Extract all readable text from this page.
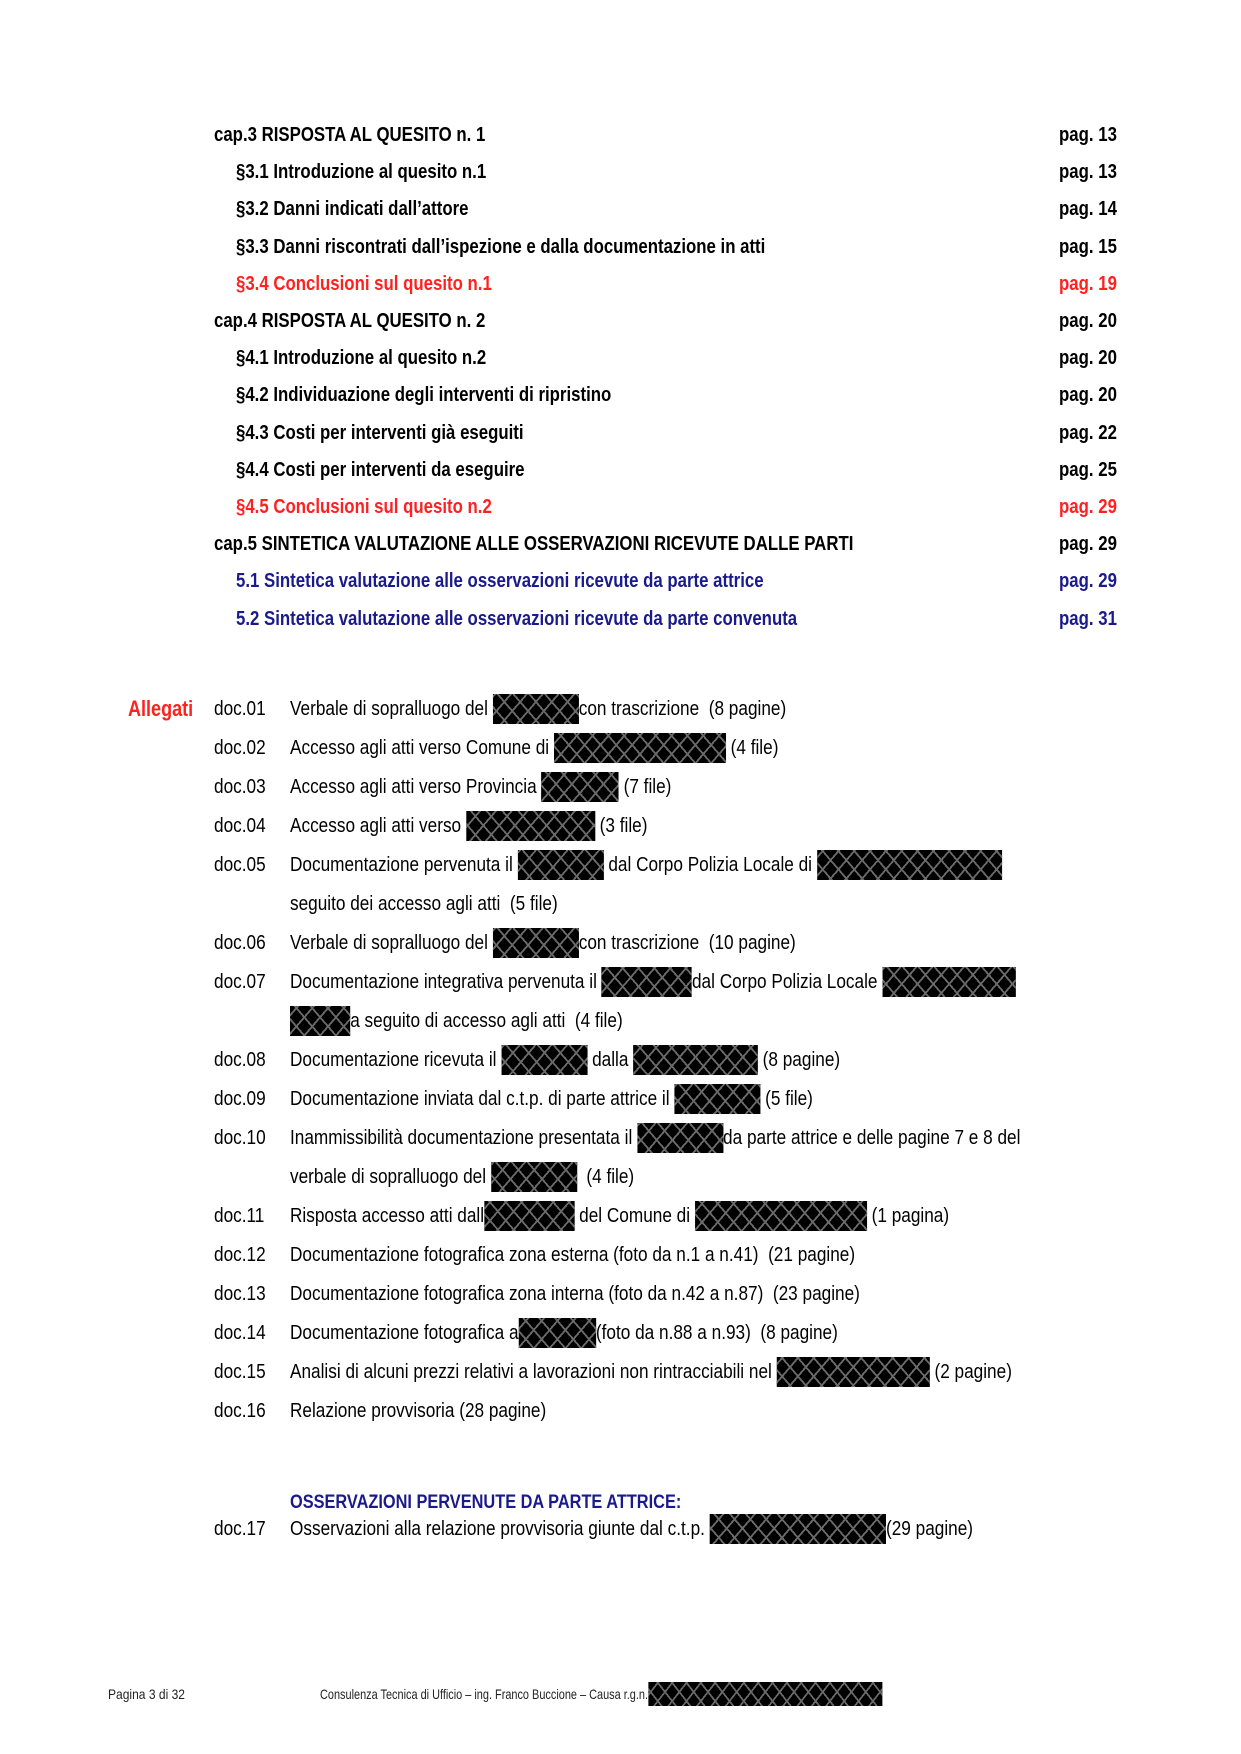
cap.3 RISPOSTA AL QUESITO n. 1	pag. 13
§3.1 Introduzione al quesito n.1	pag. 13
§3.2 Danni indicati dall’attore	pag. 14
§3.3 Danni riscontrati dall’ispezione e dalla documentazione in atti	pag. 15
§3.4 Conclusioni sul quesito n.1	pag. 19
cap.4 RISPOSTA AL QUESITO n. 2	pag. 20
§4.1 Introduzione al quesito n.2	pag. 20
§4.2 Individuazione degli interventi di ripristino	pag. 20
§4.3 Costi per interventi già eseguiti	pag. 22
§4.4 Costi per interventi da eseguire	pag. 25
§4.5 Conclusioni sul quesito n.2	pag. 29
cap.5 SINTETICA VALUTAZIONE ALLE OSSERVAZIONI RICEVUTE DALLE PARTI	pag. 29
5.1 Sintetica valutazione alle osservazioni ricevute da parte attrice	pag. 29
5.2 Sintetica valutazione alle osservazioni ricevute da parte convenuta	pag. 31
Allegati doc.01 Verbale di sopralluogo del	con trascrizione  (8 pagine)
doc.02 Accesso agli atti verso Comune di	(4 file)
doc.03 Accesso agli atti verso Provincia	(7 file)
doc.04 Accesso agli atti verso	(3 file)
doc.05 Documentazione pervenuta il	dal Corpo Polizia Locale di
seguito dei accesso agli atti  (5 file)
doc.06 Verbale di sopralluogo del	con trascrizione  (10 pagine)
doc.07 Documentazione integrativa pervenuta il	dal Corpo Polizia Locale
a seguito di accesso agli atti  (4 file)
doc.08 Documentazione ricevuta il	dalla	(8 pagine)
doc.09 Documentazione inviata dal c.t.p. di parte attrice il	(5 file)
doc.10 Inammissibilità documentazione presentata il	da parte attrice e delle pagine 7 e 8 del
verbale di sopralluogo del	(4 file)
doc.11 Risposta accesso atti dall	del Comune di	(1 pagina)
doc.12 Documentazione fotografica zona esterna (foto da n.1 a n.41)  (21 pagine)
doc.13 Documentazione fotografica zona interna (foto da n.42 a n.87)  (23 pagine)
doc.14 Documentazione fotografica a	(foto da n.88 a n.93)  (8 pagine)
doc.15 Analisi di alcuni prezzi relativi a lavorazioni non rintracciabili nel	(2 pagine)
doc.16 Relazione provvisoria (28 pagine)
doc.17 Osservazioni alla relazione provvisoria giunte dal c.t.p.	(29 pagine)
OSSERVAZIONI PERVENUTE DA PARTE ATTRICE:
Pagina 3 di 32	Consulenza Tecnica di Ufficio – ing. Franco Buccione – Causa r.g.n.
